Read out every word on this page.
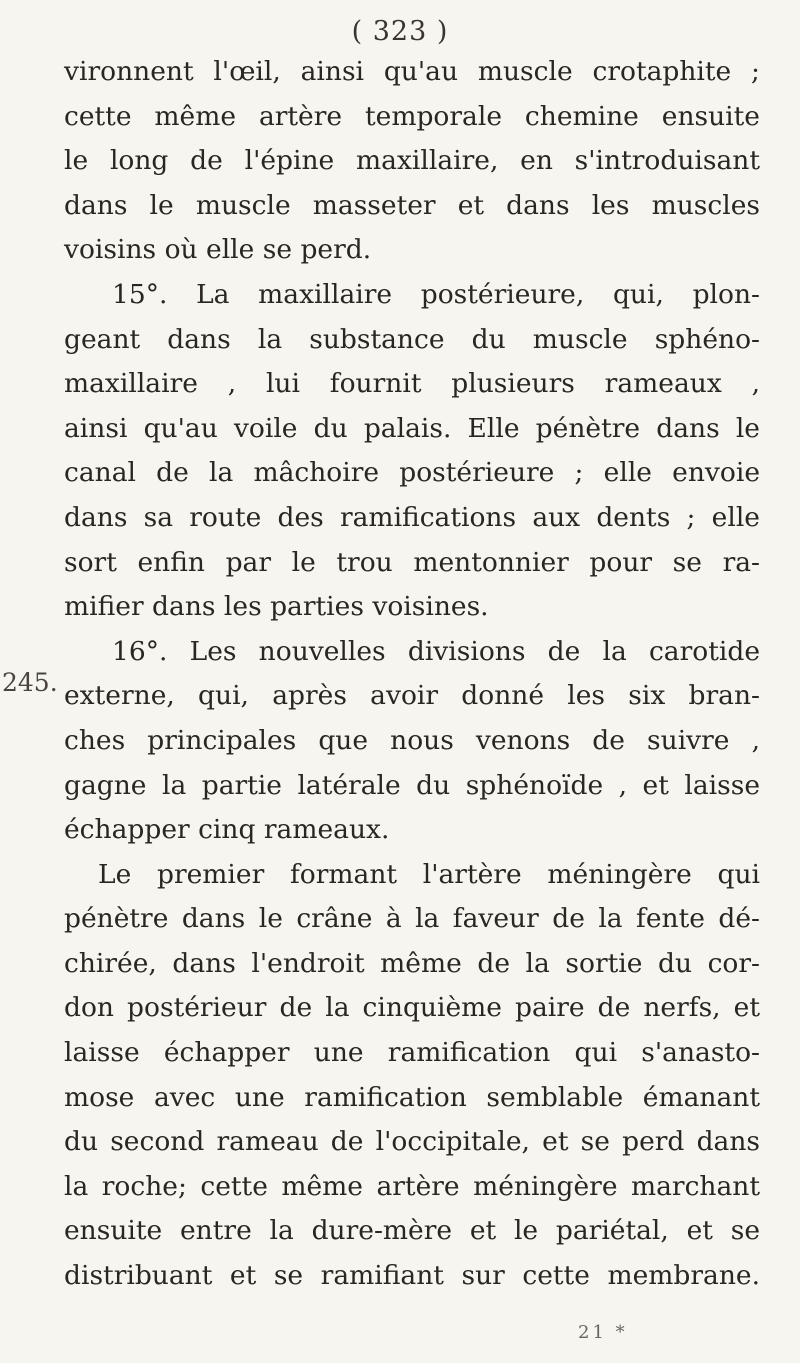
( 323 )
245.
vironnent l'œil, ainsi qu'au muscle crotaphite ;
cette même artère temporale chemine ensuite
le long de l'épine maxillaire, en s'introduisant
dans le muscle masseter et dans les muscles
voisins où elle se perd.
15°. La maxillaire postérieure, qui, plon-
geant dans la substance du muscle sphéno-
maxillaire , lui fournit plusieurs rameaux ,
ainsi qu'au voile du palais. Elle pénètre dans le
canal de la mâchoire postérieure ; elle envoie
dans sa route des ramifications aux dents ; elle
sort enfin par le trou mentonnier pour se ra-
mifier dans les parties voisines.
16°. Les nouvelles divisions de la carotide
externe, qui, après avoir donné les six bran-
ches principales que nous venons de suivre ,
gagne la partie latérale du sphénoïde , et laisse
échapper cinq rameaux.
Le premier formant l'artère méningère qui
pénètre dans le crâne à la faveur de la fente dé-
chirée, dans l'endroit même de la sortie du cor-
don postérieur de la cinquième paire de nerfs, et
laisse échapper une ramification qui s'anasto-
mose avec une ramification semblable émanant
du second rameau de l'occipitale, et se perd dans
la roche; cette même artère méningère marchant
ensuite entre la dure-mère et le pariétal, et se
distribuant et se ramifiant sur cette membrane.
21 *
